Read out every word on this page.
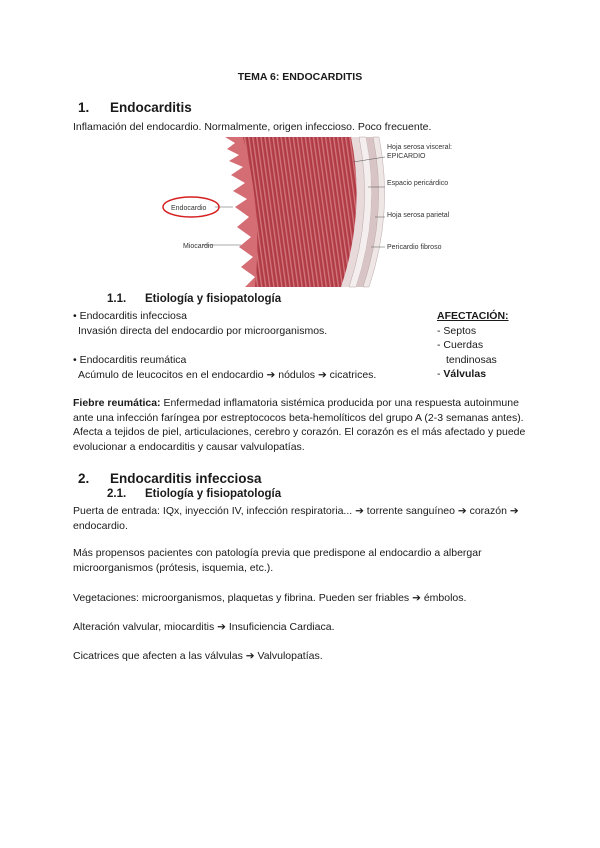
TEMA 6: ENDOCARDITIS
1. Endocarditis
Inflamación del endocardio. Normalmente, origen infeccioso. Poco frecuente.
Hoja serosa visceral:
EPICARDIO
Espacio pericárdico
Hoja serosa parietal
Pericardio fibroso
Endocardio
Miocardio
1.1. Etiología y fisiopatología
• Endocarditis infecciosa
Invasión directa del endocardio por microorganismos.
• Endocarditis reumática
Acúmulo de leucocitos en el endocardio ➔ nódulos ➔ cicatrices.
AFECTACIÓN:
- Septos
- Cuerdas
tendinosas
- Válvulas
Fiebre reumática: Enfermedad inflamatoria sistémica producida por una respuesta autoinmune ante una infección faríngea por estreptococos beta-hemolíticos del grupo A (2-3 semanas antes). Afecta a tejidos de piel, articulaciones, cerebro y corazón. El corazón es el más afectado y puede evolucionar a endocarditis y causar valvulopatías.
2. Endocarditis infecciosa
2.1. Etiología y fisiopatología
Puerta de entrada: IQx, inyección IV, infección respiratoria... ➔ torrente sanguíneo ➔ corazón ➔ endocardio.
Más propensos pacientes con patología previa que predispone al endocardio a albergar microorganismos (prótesis, isquemia, etc.).
Vegetaciones: microorganismos, plaquetas y fibrina. Pueden ser friables ➔ émbolos.
Alteración valvular, miocarditis ➔ Insuficiencia Cardiaca.
Cicatrices que afecten a las válvulas ➔ Valvulopatías.
